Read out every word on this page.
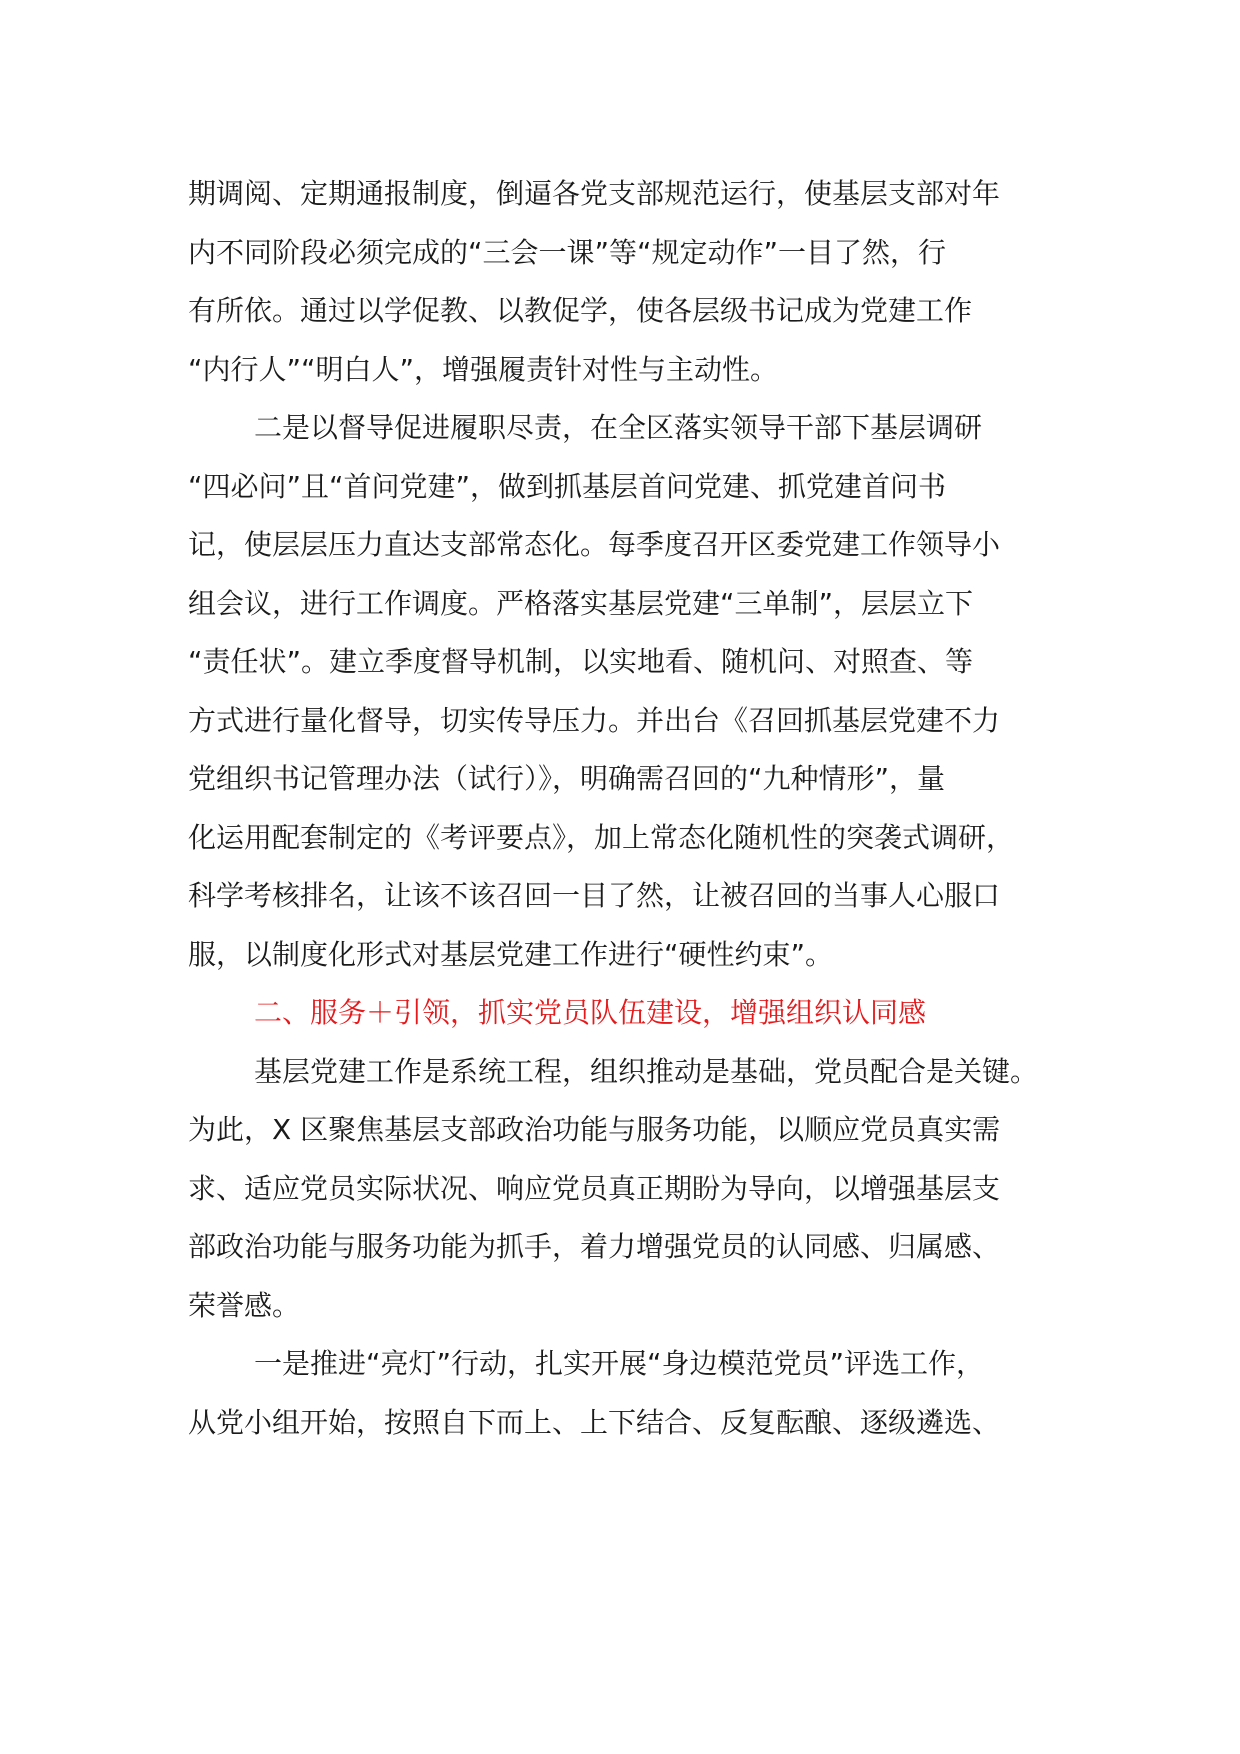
期调阅、定期通报制度，倒逼各党支部规范运行，使基层支部对年
内不同阶段必须完成的“三会一课”等“规定动作”一目了然，行
有所依。通过以学促教、以教促学，使各层级书记成为党建工作
“内行人”“明白人”，增强履责针对性与主动性。
二是以督导促进履职尽责，在全区落实领导干部下基层调研
“四必问”且“首问党建”，做到抓基层首问党建、抓党建首问书
记，使层层压力直达支部常态化。每季度召开区委党建工作领导小
组会议，进行工作调度。严格落实基层党建“三单制”，层层立下
“责任状”。建立季度督导机制，以实地看、随机问、对照查、等
方式进行量化督导，切实传导压力。并出台《召回抓基层党建不力
党组织书记管理办法（试行）》，明确需召回的“九种情形”，量
化运用配套制定的《考评要点》，加上常态化随机性的突袭式调研，
科学考核排名，让该不该召回一目了然，让被召回的当事人心服口
服，以制度化形式对基层党建工作进行“硬性约束”。
二、服务＋引领，抓实党员队伍建设，增强组织认同感
基层党建工作是系统工程，组织推动是基础，党员配合是关键。
为此，X 区聚焦基层支部政治功能与服务功能，以顺应党员真实需
求、适应党员实际状况、响应党员真正期盼为导向，以增强基层支
部政治功能与服务功能为抓手，着力增强党员的认同感、归属感、
荣誉感。
一是推进“亮灯”行动，扎实开展“身边模范党员”评选工作，
从党小组开始，按照自下而上、上下结合、反复酝酿、逐级遴选、
